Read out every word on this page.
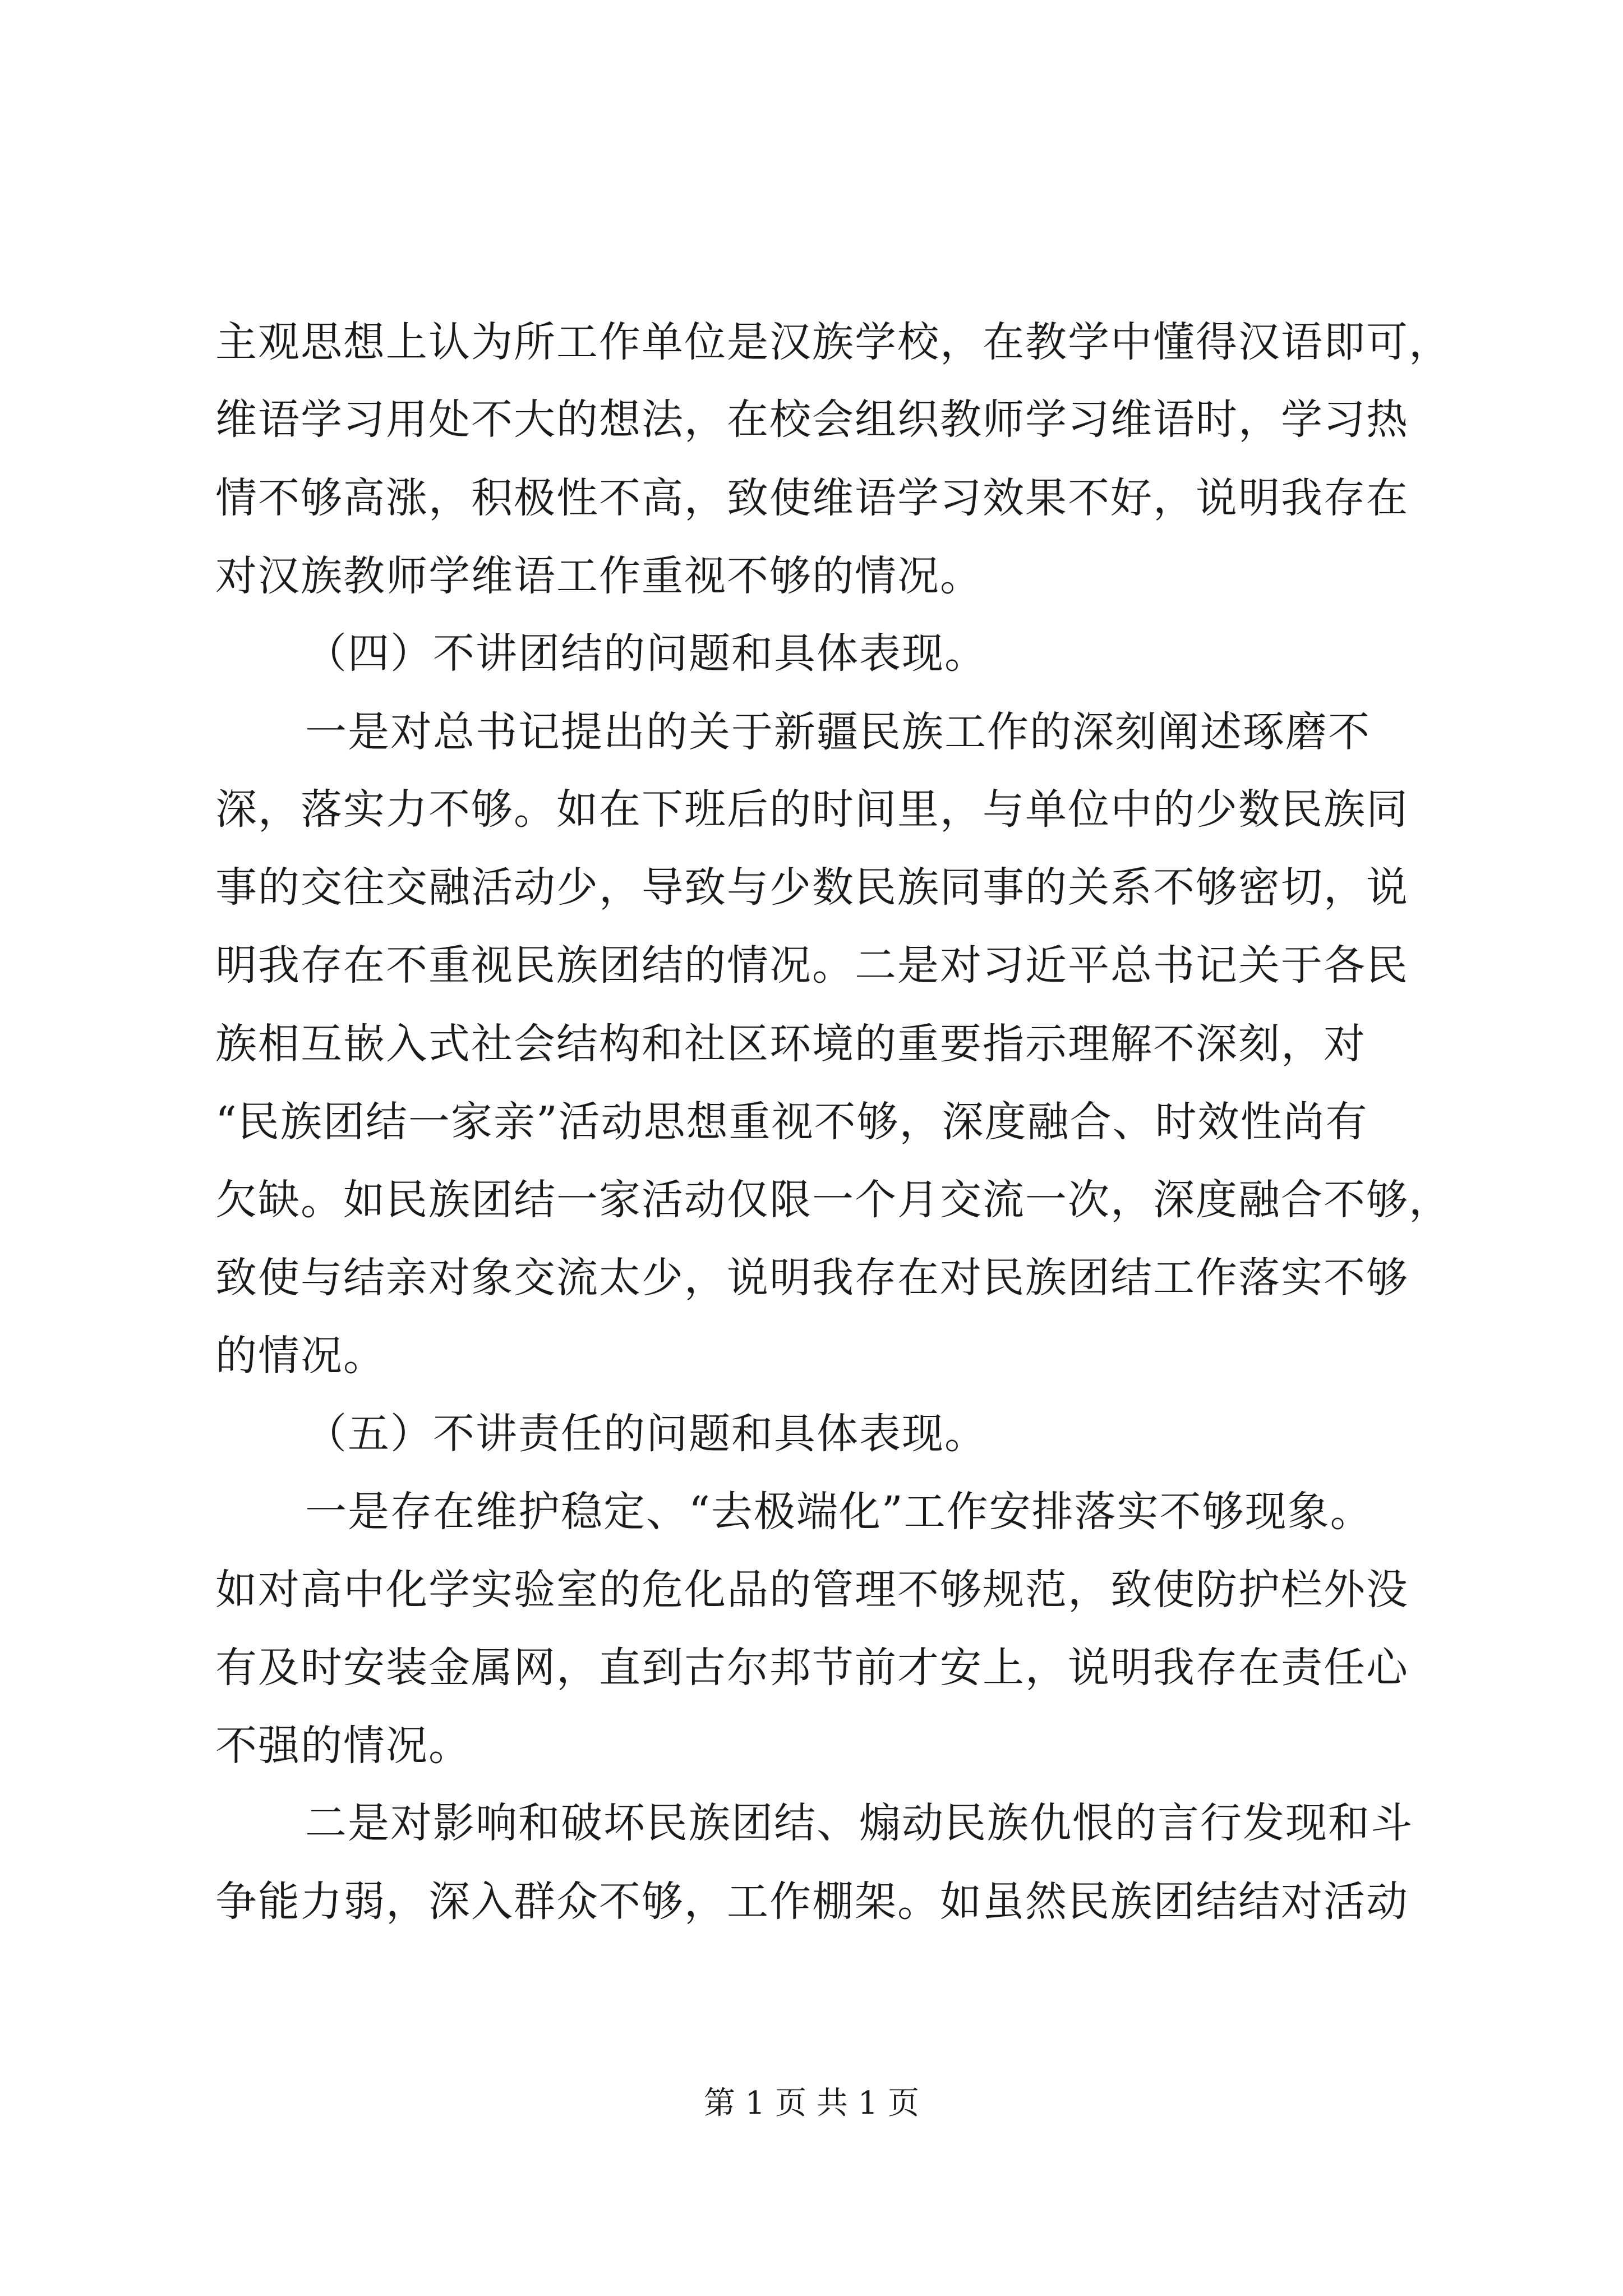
主观思想上认为所工作单位是汉族学校，在教学中懂得汉语即可，
维语学习用处不大的想法，在校会组织教师学习维语时，学习热
情不够高涨，积极性不高，致使维语学习效果不好，说明我存在
对汉族教师学维语工作重视不够的情况。
（四）不讲团结的问题和具体表现。
一是对总书记提出的关于新疆民族工作的深刻阐述琢磨不
深，落实力不够。如在下班后的时间里，与单位中的少数民族同
事的交往交融活动少，导致与少数民族同事的关系不够密切，说
明我存在不重视民族团结的情况。二是对习近平总书记关于各民
族相互嵌入式社会结构和社区环境的重要指示理解不深刻，对
“民族团结一家亲”活动思想重视不够，深度融合、时效性尚有
欠缺。如民族团结一家活动仅限一个月交流一次，深度融合不够，
致使与结亲对象交流太少，说明我存在对民族团结工作落实不够
的情况。
（五）不讲责任的问题和具体表现。
一是存在维护稳定、“去极端化”工作安排落实不够现象。
如对高中化学实验室的危化品的管理不够规范，致使防护栏外没
有及时安装金属网，直到古尔邦节前才安上，说明我存在责任心
不强的情况。
二是对影响和破坏民族团结、煽动民族仇恨的言行发现和斗
争能力弱，深入群众不够，工作棚架。如虽然民族团结结对活动
第 1 页 共 1 页
